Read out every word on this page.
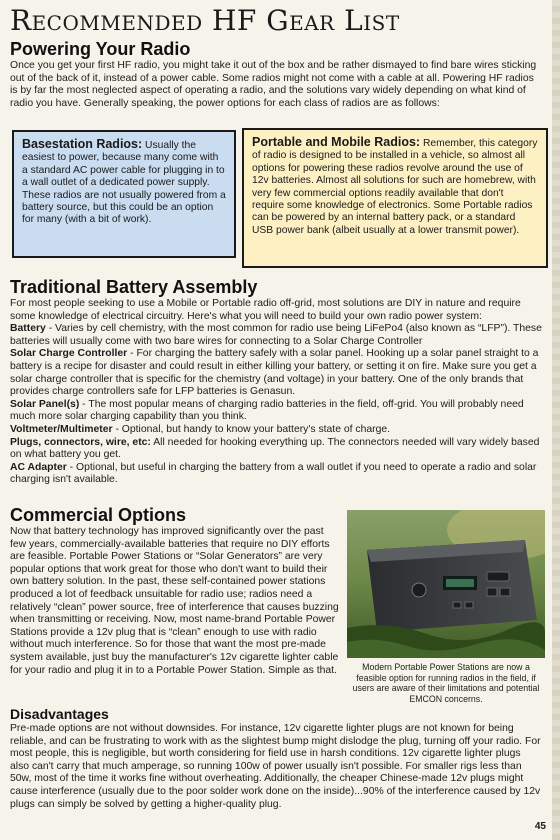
Recommended HF Gear List
Powering Your Radio
Once you get your first HF radio, you might take it out of the box and be rather dismayed to find bare wires sticking out of the back of it, instead of a power cable. Some radios might not come with a cable at all. Powering HF radios is by far the most neglected aspect of operating a radio, and the solutions vary widely depending on what kind of radio you have. Generally speaking, the power options for each class of radios are as follows:
Basestation Radios: Usually the easiest to power, because many come with a standard AC power cable for plugging in to a wall outlet of a dedicated power supply. These radios are not usually powered from a battery source, but this could be an option for many (with a bit of work).
Portable and Mobile Radios: Remember, this category of radio is designed to be installed in a vehicle, so almost all options for powering these radios revolve around the use of 12v batteries. Almost all solutions for such are homebrew, with very few commercial options readily available that don't require some knowledge of electronics. Some Portable radios can be powered by an internal battery pack, or a standard USB power bank (albeit usually at a lower transmit power).
Traditional Battery Assembly
For most people seeking to use a Mobile or Portable radio off-grid, most solutions are DIY in nature and require some knowledge of electrical circuitry. Here's what you will need to build your own radio power system:
Battery - Varies by cell chemistry, with the most common for radio use being LiFePo4 (also known as “LFP”). These batteries will usually come with two bare wires for connecting to a Solar Charge Controller
Solar Charge Controller - For charging the battery safely with a solar panel. Hooking up a solar panel straight to a battery is a recipe for disaster and could result in either killing your battery, or setting it on fire. Make sure you get a solar charge controller that is specific for the chemistry (and voltage) in your battery. One of the only brands that provides charge controllers safe for LFP batteries is Genasun.
Solar Panel(s) - The most popular means of charging radio batteries in the field, off-grid. You will probably need much more solar charging capability than you think.
Voltmeter/Multimeter - Optional, but handy to know your battery's state of charge.
Plugs, connectors, wire, etc: All needed for hooking everything up. The connectors needed will vary widely based on what battery you get.
AC Adapter - Optional, but useful in charging the battery from a wall outlet if you need to operate a radio and solar charging isn't available.
Commercial Options
Now that battery technology has improved significantly over the past few years, commercially-available batteries that require no DIY efforts are feasible. Portable Power Stations or “Solar Generators” are very popular options that work great for those who don't want to build their own battery solution. In the past, these self-contained power stations produced a lot of feedback unsuitable for radio use; radios need a relatively “clean” power source, free of interference that causes buzzing when transmitting or receiving. Now, most name-brand Portable Power Stations provide a 12v plug that is “clean” enough to use with radio without much interference. So for those that want the most pre-made system available, just buy the manufacturer's 12v cigarette lighter cable for your radio and plug it in to a Portable Power Station. Simple as that.	Modern Portable Power Stations are now a feasible option for running radios in the field, if users are aware of their limitations and potential EMCON concerns.
Disadvantages
Pre-made options are not without downsides. For instance, 12v cigarette lighter plugs are not known for being reliable, and can be frustrating to work with as the slightest bump might dislodge the plug, turning off your radio. For most people, this is negligible, but worth considering for field use in harsh conditions. 12v cigarette lighter plugs also can't carry that much amperage, so running 100w of power usually isn't possible. For smaller rigs less than 50w, most of the time it works fine without overheating. Additionally, the cheaper Chinese-made 12v plugs might cause interference (usually due to the poor solder work done on the inside)...90% of the interference caused by 12v plugs can simply be solved by getting a higher-quality plug.
45
